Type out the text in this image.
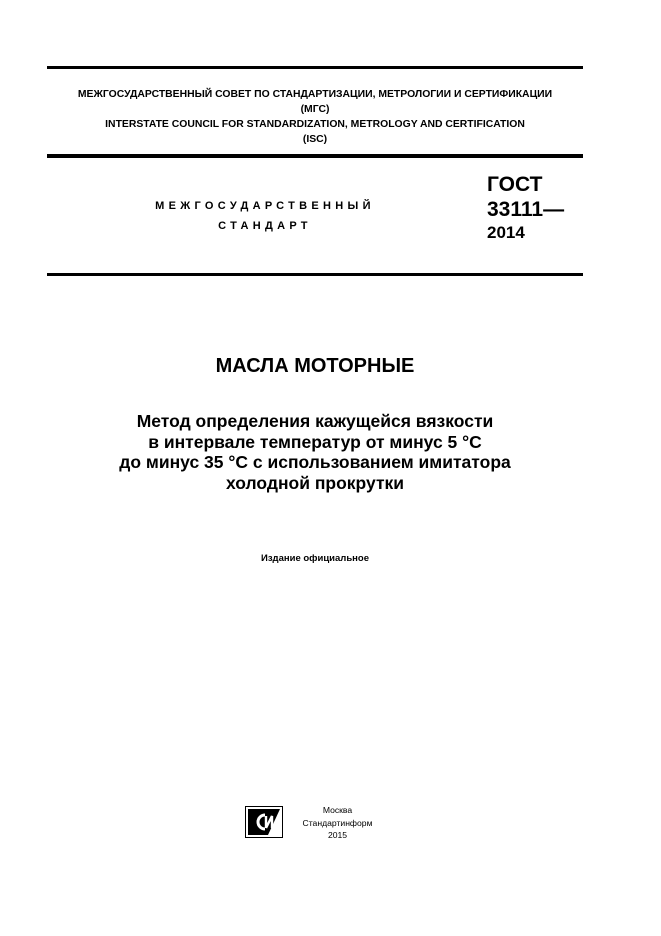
МЕЖГОСУДАРСТВЕННЫЙ СОВЕТ ПО СТАНДАРТИЗАЦИИ, МЕТРОЛОГИИ И СЕРТИФИКАЦИИ
(МГС)
INTERSTATE COUNCIL FOR STANDARDIZATION, METROLOGY AND CERTIFICATION
(ISC)
МЕЖГОСУДАРСТВЕННЫЙ
СТАНДАРТ
ГОСТ
33111—
2014
МАСЛА МОТОРНЫЕ
Метод определения кажущейся вязкости
в интервале температур от минус 5 °С
до минус 35 °С с использованием имитатора
холодной прокрутки
Издание официальное
Москва
Стандартинформ
2015
